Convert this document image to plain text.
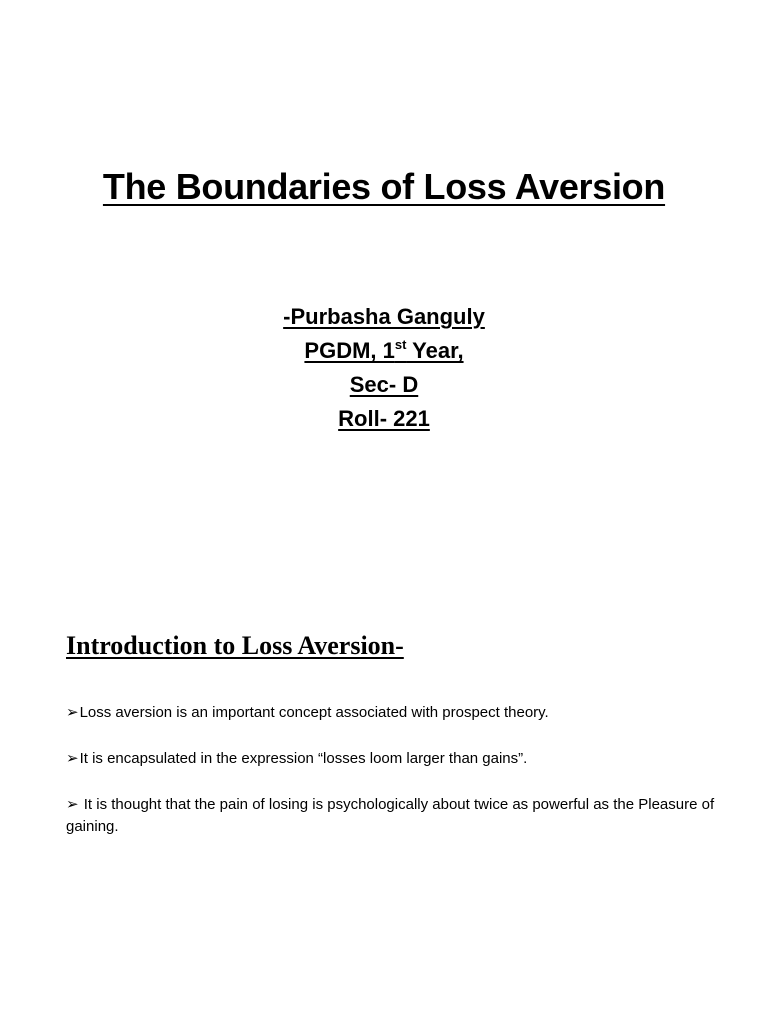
The Boundaries of Loss Aversion
-Purbasha Ganguly
PGDM, 1st Year,
Sec- D
Roll- 221
Introduction to Loss Aversion-
➢Loss aversion is an important concept associated with prospect theory.
➢It is encapsulated in the expression “losses loom larger than gains”.
➢ It is thought that the pain of losing is psychologically about twice as powerful as the Pleasure of gaining.
